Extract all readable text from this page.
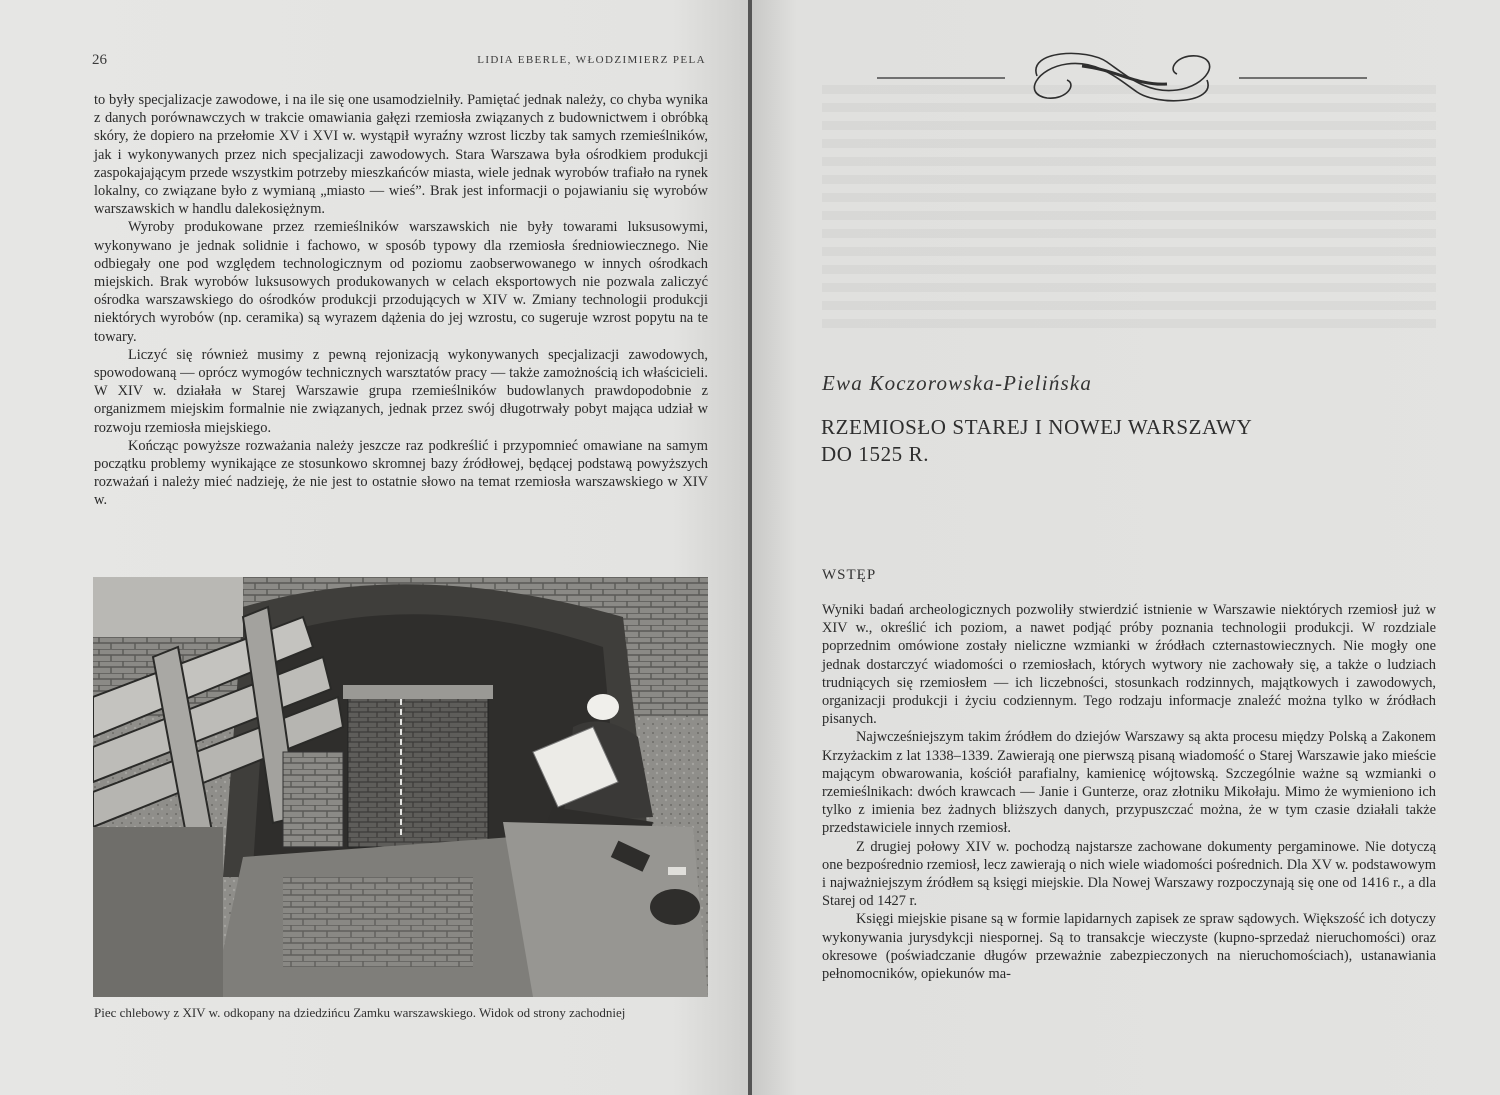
26	LIDIA EBERLE, WŁODZIMIERZ PELA

to były specjalizacje zawodowe, i na ile się one usamodzielniły. Pamiętać jednak należy, co chyba wynika z danych porównawczych w trakcie omawiania gałęzi rzemiosła związanych z budownictwem i obróbką skóry, że dopiero na przełomie XV i XVI w. wystąpił wyraźny wzrost liczby tak samych rzemieślników, jak i wykonywanych przez nich specjalizacji zawodowych. Stara Warszawa była ośrodkiem produkcji zaspokajającym przede wszystkim potrzeby mieszkańców miasta, wiele jednak wyrobów trafiało na rynek lokalny, co związane było z wymianą „miasto — wieś”. Brak jest informacji o pojawianiu się wyrobów warszawskich w handlu dalekosiężnym.

Wyroby produkowane przez rzemieślników warszawskich nie były towarami luksusowymi, wykonywano je jednak solidnie i fachowo, w sposób typowy dla rzemiosła średniowiecznego. Nie odbiegały one pod względem technologicznym od poziomu zaobserwowanego w innych ośrodkach miejskich. Brak wyrobów luksusowych produkowanych w celach eksportowych nie pozwala zaliczyć ośrodka warszawskiego do ośrodków produkcji przodujących w XIV w. Zmiany technologii produkcji niektórych wyrobów (np. ceramika) są wyrazem dążenia do jej wzrostu, co sugeruje wzrost popytu na te towary.

Liczyć się również musimy z pewną rejonizacją wykonywanych specjalizacji zawodowych, spowodowaną — oprócz wymogów technicznych warsztatów pracy — także zamożnością ich właścicieli. W XIV w. działała w Starej Warszawie grupa rzemieślników budowlanych prawdopodobnie z organizmem miejskim formalnie nie związanych, jednak przez swój długotrwały pobyt mająca udział w rozwoju rzemiosła miejskiego.

Kończąc powyższe rozważania należy jeszcze raz podkreślić i przypomnieć omawiane na samym początku problemy wynikające ze stosunkowo skromnej bazy źródłowej, będącej podstawą powyższych rozważań i należy mieć nadzieję, że nie jest to ostatnie słowo na temat rzemiosła warszawskiego w XIV w.

Piec chlebowy z XIV w. odkopany na dziedzińcu Zamku warszawskiego. Widok od strony zachodniej
Ewa Koczorowska-Pielińska
RZEMIOSŁO STAREJ I NOWEJ WARSZAWY
DO 1525 R.
WSTĘP

Wyniki badań archeologicznych pozwoliły stwierdzić istnienie w Warszawie niektórych rzemiosł już w XIV w., określić ich poziom, a nawet podjąć próby poznania technologii produkcji. W rozdziale poprzednim omówione zostały nieliczne wzmianki w źródłach czternastowiecznych. Nie mogły one jednak dostarczyć wiadomości o rzemiosłach, których wytwory nie zachowały się, a także o ludziach trudniących się rzemiosłem — ich liczebności, stosunkach rodzinnych, majątkowych i zawodowych, organizacji produkcji i życiu codziennym. Tego rodzaju informacje znaleźć można tylko w źródłach pisanych.

Najwcześniejszym takim źródłem do dziejów Warszawy są akta procesu między Polską a Zakonem Krzyżackim z lat 1338–1339. Zawierają one pierwszą pisaną wiadomość o Starej Warszawie jako mieście mającym obwarowania, kościół parafialny, kamienicę wójtowską. Szczególnie ważne są wzmianki o rzemieślnikach: dwóch krawcach — Janie i Gunterze, oraz złotniku Mikołaju. Mimo że wymieniono ich tylko z imienia bez żadnych bliższych danych, przypuszczać można, że w tym czasie działali także przedstawiciele innych rzemiosł.

Z drugiej połowy XIV w. pochodzą najstarsze zachowane dokumenty pergaminowe. Nie dotyczą one bezpośrednio rzemiosł, lecz zawierają o nich wiele wiadomości pośrednich. Dla XV w. podstawowym i najważniejszym źródłem są księgi miejskie. Dla Nowej Warszawy rozpoczynają się one od 1416 r., a dla Starej od 1427 r.

Księgi miejskie pisane są w formie lapidarnych zapisek ze spraw sądowych. Większość ich dotyczy wykonywania jurysdykcji niespornej. Są to transakcje wieczyste (kupno-sprzedaż nieruchomości) oraz okresowe (poświadczanie długów przeważnie zabezpieczonych na nieruchomościach), ustanawiania pełnomocników, opiekunów ma-
